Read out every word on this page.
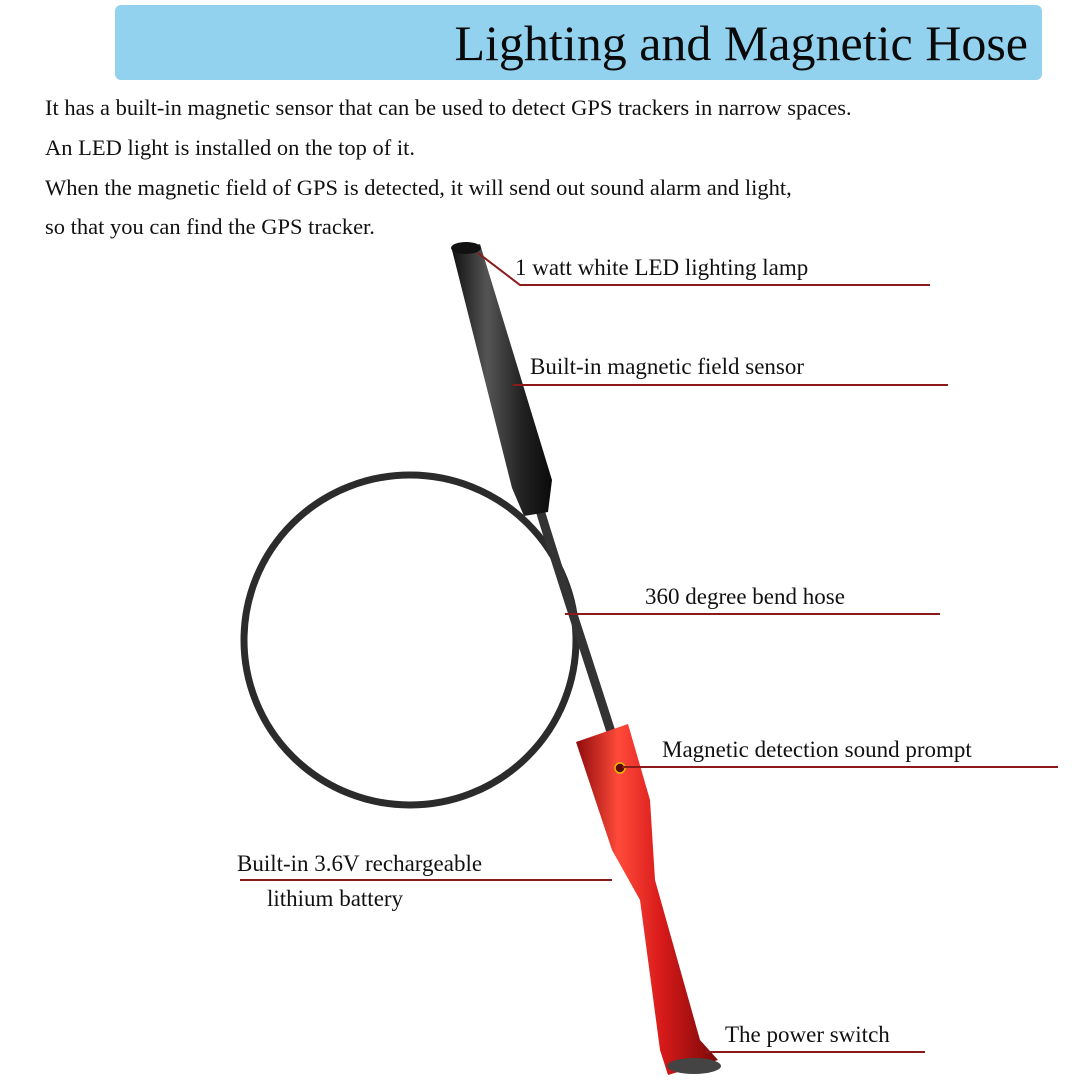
Lighting and Magnetic Hose
It has a built-in magnetic sensor that can be used to detect GPS trackers in narrow spaces.
An LED light is installed on the top of it.
When the magnetic field of GPS is detected, it will send out sound alarm and light,
so that you can find the GPS tracker.
1 watt white LED lighting lamp
Built-in magnetic field sensor
360 degree bend hose
Magnetic detection sound prompt
Built-in 3.6V rechargeable
lithium battery
The power switch
